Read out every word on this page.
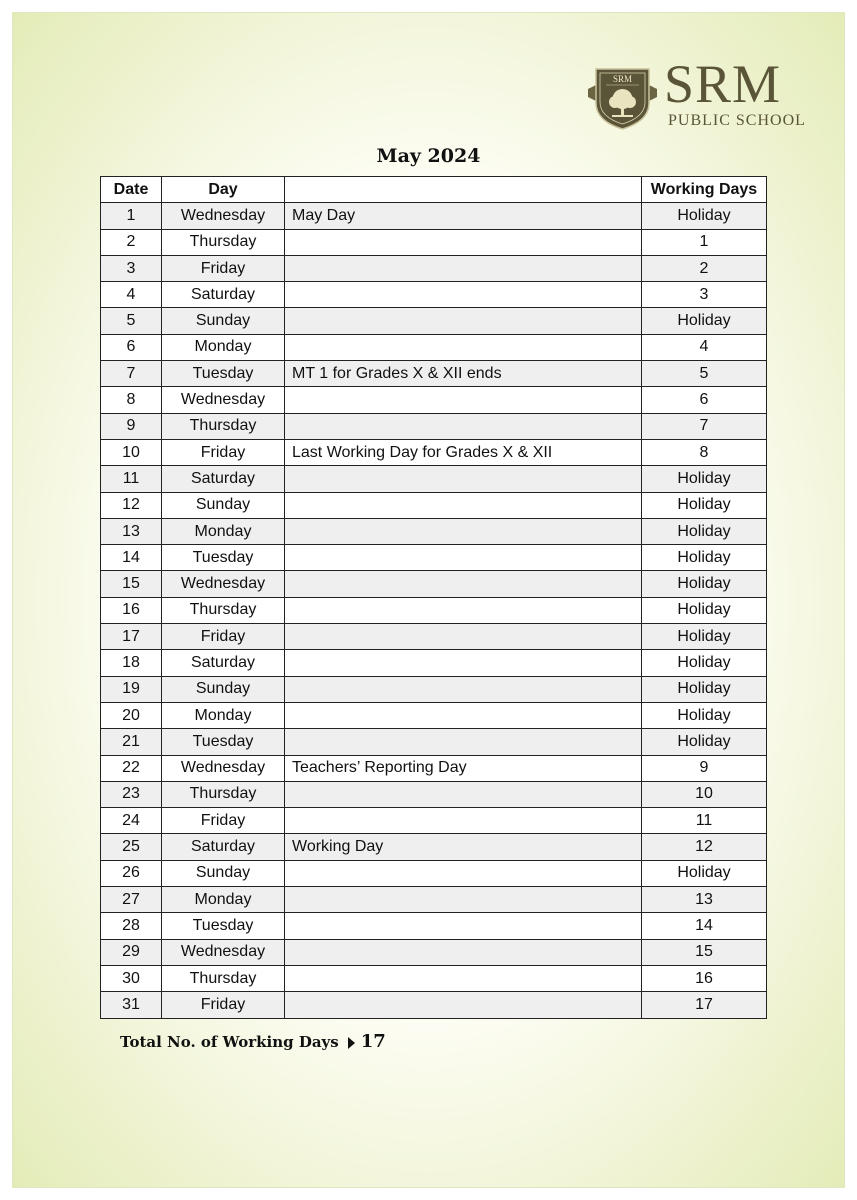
SRM SRM
PUBLIC SCHOOL
May 2024
Date	Day		Working Days
1	Wednesday	May Day	Holiday
2	Thursday		1
3	Friday		2
4	Saturday		3
5	Sunday		Holiday
6	Monday		4
7	Tuesday	MT 1 for Grades X & XII ends	5
8	Wednesday		6
9	Thursday		7
10	Friday	Last Working Day for Grades X & XII	8
11	Saturday		Holiday
12	Sunday		Holiday
13	Monday		Holiday
14	Tuesday		Holiday
15	Wednesday		Holiday
16	Thursday		Holiday
17	Friday		Holiday
18	Saturday		Holiday
19	Sunday		Holiday
20	Monday		Holiday
21	Tuesday		Holiday
22	Wednesday	Teachers’ Reporting Day	9
23	Thursday		10
24	Friday		11
25	Saturday	Working Day	12
26	Sunday		Holiday
27	Monday		13
28	Tuesday		14
29	Wednesday		15
30	Thursday		16
31	Friday		17
Total No. of Working Days 17
